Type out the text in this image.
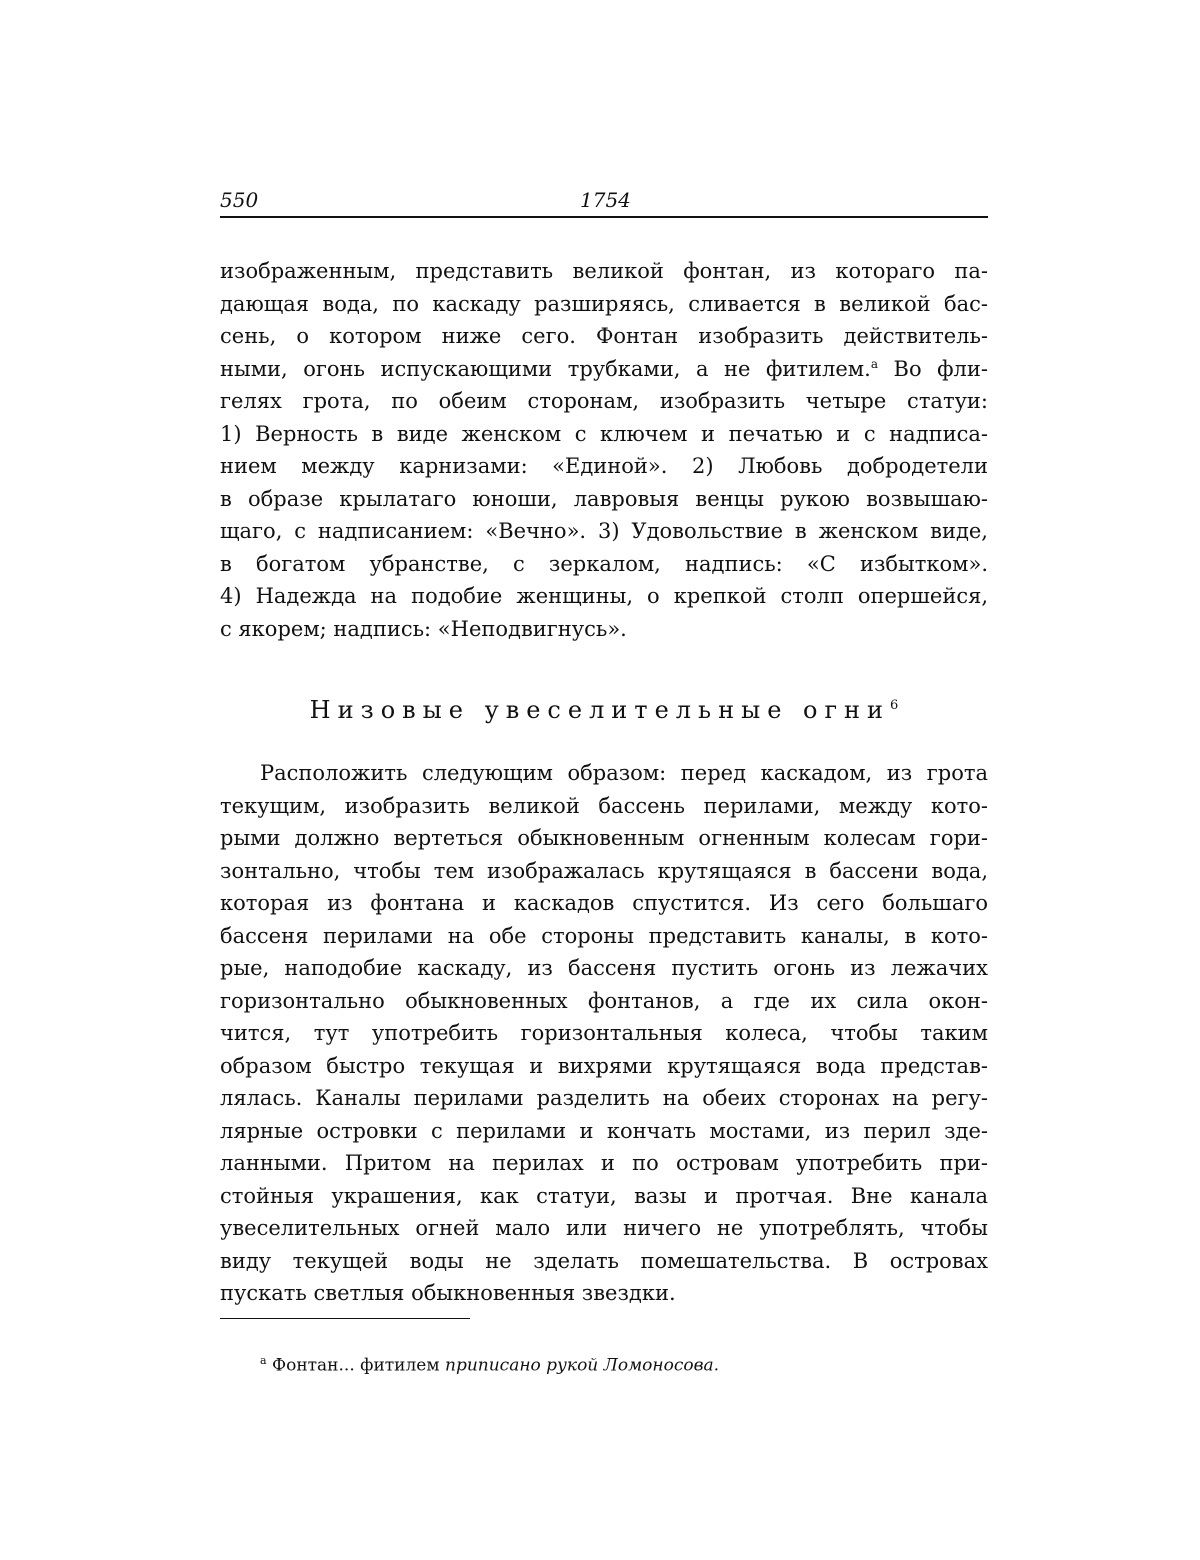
550	1754
изображенным, представить великой фонтан, из котораго па-
дающая вода, по каскаду разширяясь, сливается в великой бас-
сень, о котором ниже сего. Фонтан изобразить действитель-
ными, огонь испускающими трубками, а не фитилем.а Во фли-
гелях грота, по обеим сторонам, изобразить четыре статуи:
1) Верность в виде женском с ключем и печатью и с надписа-
нием между карнизами: «Единой». 2) Любовь добродетели
в образе крылатаго юноши, лавровыя венцы рукою возвышаю-
щаго, с надписанием: «Вечно». 3) Удовольствие в женском виде,
в богатом убранстве, с зеркалом, надпись: «С избытком».
4) Надежда на подобие женщины, о крепкой столп опершейся,
с якорем; надпись: «Неподвигнусь».
Низовые увеселительные огни6
Расположить следующим образом: перед каскадом, из грота
текущим, изобразить великой бассень перилами, между кото-
рыми должно вертеться обыкновенным огненным колесам гори-
зонтально, чтобы тем изображалась крутящаяся в бассени вода,
которая из фонтана и каскадов спустится. Из сего большаго
бассеня перилами на обе стороны представить каналы, в кото-
рые, наподобие каскаду, из бассеня пустить огонь из лежачих
горизонтально обыкновенных фонтанов, а где их сила окон-
чится, тут употребить горизонтальныя колеса, чтобы таким
образом быстро текущая и вихрями крутящаяся вода представ-
лялась. Каналы перилами разделить на обеих сторонах на регу-
лярные островки с перилами и кончать мостами, из перил зде-
ланными. Притом на перилах и по островам употребить при-
стойныя украшения, как статуи, вазы и протчая. Вне канала
увеселительных огней мало или ничего не употреблять, чтобы
виду текущей воды не зделать помешательства. В островах
пускать светлыя обыкновенныя звездки.
а Фонтан... фитилем приписано рукой Ломоносова.
